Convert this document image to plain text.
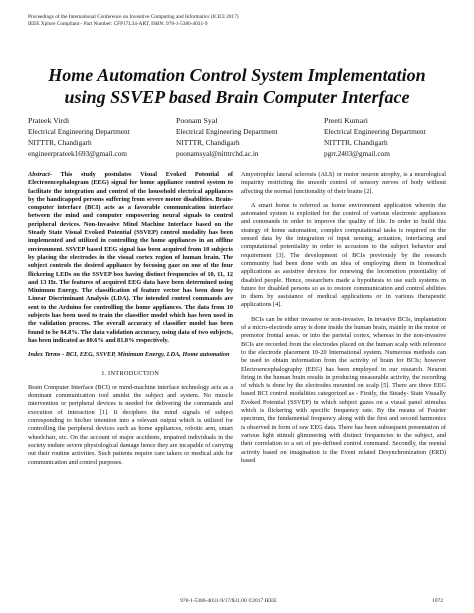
Proceedings of the International Conference on Inventive Computing and Informatics (ICICI 2017)
IEEE Xplore Compliant - Part Number: CFP17L34-ART, ISBN: 978-1-5386-4031-9
Home Automation Control System Implementation
using SSVEP based Brain Computer Interface
Prateek Virdi
Electrical Engineering Department
NITTTR, Chandigarh
engineerprateek1693@gmail.com
Poonam Syal
Electrical Engineering Department
NITTTR, Chandigarh
poonamsyal@nitttrchd.ac.in
Preeti Kumari
Electrical Engineering Department
NITTTR, Chandigarh
pgrr.2403@gmail.com

Abstract- This study postulates Visual Evoked Potential of Electroencephalogram (EEG) signal for home appliance control system to facilitate the integration and control of the household electrical appliances by the handicapped persons suffering from severe motor disabilities. Brain-computer interface (BCI) acts as a favorable communication interface between the mind and computer empowering neural signals to control peripheral devices. Non-Invasive Mind Machine Interface based on the Steady State Visual Evoked Potential (SSVEP) control modality has been implemented and utilized in controlling the home appliances in an offline environment. SSVEP based EEG signal has been acquired from 10 subjects by placing the electrodes in the visual cortex region of human brain. The subject controls the desired appliance by focusing gaze on one of the four flickering LEDs on the SSVEP box having distinct frequencies of 10, 11, 12 and 13 Hz. The features of acquired EEG data have been determined using Minimum Energy. The classification of feature vector has been done by Linear Discriminant Analysis (LDA). The intended control commands are sent to the Arduino for controlling the home appliances. The data from 10 subjects has been used to train the classifier model which has been used in the validation process. The overall accuracy of classifier model has been found to be 84.8%. The data validation accuracy, using data of two subjects, has been indicated as 80.6% and 81.8% respectively.

Index Terms - BCI, EEG, SSVEP, Minimum Energy, LDA, Home automation

I. INTRODUCTION

Brain Computer Interface (BCI) or mind-machine interface technology acts as a dominant communication tool amidst the subject and system. No muscle intervention or peripheral devices is needed for delivering the commands and execution of interaction [1]. It deciphers the mind signals of subject corresponding to his/her intention into a relevant output which is utilized for controlling the peripheral devices such as home appliances, robotic arm, smart wheelchair, etc. On the account of major accidents, impaired individuals in the society endure severe physiological damage hence they are incapable of carrying out their routine activities. Such patients require care takers or medical aids for communication and control purposes.

Amyotrophic lateral sclerosis (ALS) or motor neuron atrophy, is a neurological impairity restricting the smooth control of sensory nerves of body without affecting the normal functionality of their brains [2].

A smart home is referred as home environment application wherein the automated system is exploited for the control of various electronic appliances and commands in order to improve the quality of life. In order to build this strategy of home automation, complex computational tasks is required on the sensed data by the integration of input sensing, actuation, interfacing and computational potentiality in order to accustom to the subject behavior and requirement [3]. The development of BCIs previously by the research community had been done with an idea of employing them in biomedical applications as assistive devices for renewing the locomotion potentiality of disabled people. Hence, researchers made a hypothesis to use such systems in future for disabled persons so as to restore communication and control abilities in them by assistance of medical applications or in various therapeutic applications [4].

BCIs can be either invasive or non-invasive. In invasive BCIs, implantation of a micro-electrode array is done inside the human brain, mainly in the motor or premotor frontal areas. or into the parietal cortex, whereas in the non-invasive BCIs are recorded from the electrodes placed on the human scalp with reference to the electrode placement 10-20 International system. Numerous methods can be used to obtain information from the activity of brain for BCIs; however Electroencephalography (EEG) has been employed in our research. Neuron firing in the human brain results in producing measurable activity, the recording of which is done by the electrodes mounted on scalp [5]. There are three EEG based BCI control modalities categorized as - Firstly, the Steady- State Visually Evoked Potential (SSVEP) in which subject gazes on a visual panel stimulus which is flickering with specific frequency rate. By the means of Fourier spectrum, the fundamental frequency along with the first and second harmonics is observed in form of raw EEG data. There has been subsequent presentation of various light stimuli glimmering with distinct frequencies to the subject, and their correlation to a set of pre-defined control command. Secondly, the mental activity based on imagination is the Event related Desynchronization (ERD) based

978-1-5386-4031-9/17/$31.00 ©2017 IEEE	1072
